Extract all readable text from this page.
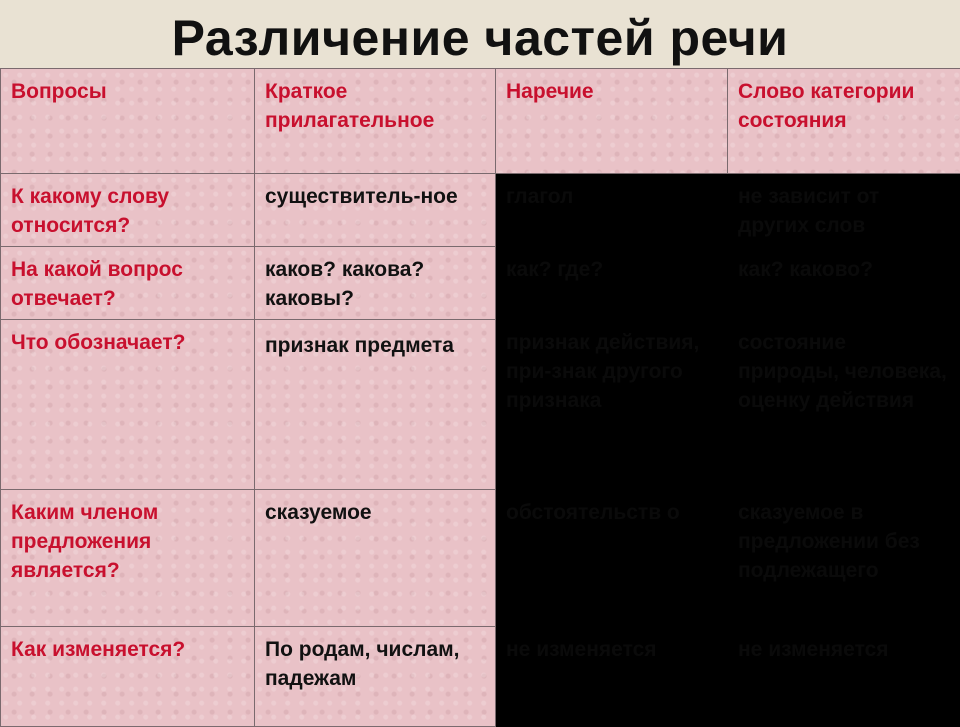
Различение частей речи
Вопросы	Краткое прилагательное	Наречие	Слово категории состояния
К какому слову относится?	существитель-ное	глагол	не зависит от других слов
На какой вопрос отвечает?	каков? какова? каковы?	как? где?	как? каково?
Что обозначает?	признак предмета	признак действия, при-знак другого признака	состояние природы, человека, оценку действия
Каким членом предложения является?	сказуемое	обстоятельств о	сказуемое в предложении без подлежащего
Как изменяется?	По родам, числам, падежам	не изменяется	не изменяется
